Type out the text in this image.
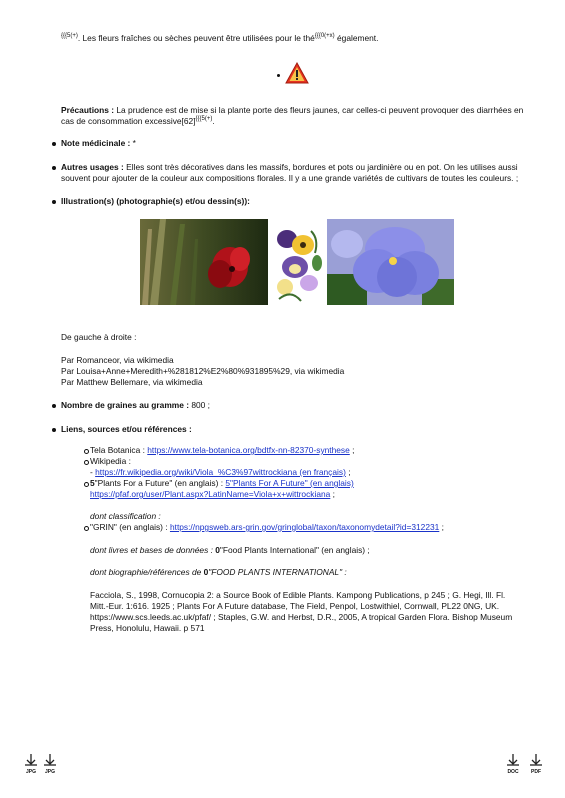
$^{\{\{\{5(+)}$. Les fleurs fraîches ou sèches peuvent être utilisées pour le thé$^{\{\{\{0(+x)}$ également.
Précautions : La prudence est de mise si la plante porte des fleurs jaunes, car celles-ci peuvent provoquer des diarrhées en
cas de consommation $excessive[62]^{\{\{\{5(+)}$.
Note médicinale : *
Autres usages : Elles sont très décoratives dans les massifs, bordures et pots ou jardinière ou en pot. On les utilises aussi
souvent pour ajouter de la couleur aux compositions florales. Il y a une grande variétés de cultivars de toutes les couleurs. ;
Illustration(s) (photographie(s) et/ou dessin(s)):
De gauche à droite :
Par Romanceor, via wikimedia
Par Louisa+Anne+Meredith+%281812%E2%80%931895%29, via wikimedia
Par Matthew Bellemare, via wikimedia
Nombre de graines au gramme : 800 ;
Liens, sources et/ou références :
Tela Botanica : https://www.tela-botanica.org/bdtfx-nn-82370-synthese ;
Wikipedia :
- https://fr.wikipedia.org/wiki/Viola_%C3%97wittrockiana (en français) ;
5"Plants For a Future" (en anglais) : 5"Plants For A Future" (en anglais)
https://pfaf.org/user/Plant.aspx?LatinName=Viola+x+wittrockiana ;
dont classification :
"GRIN" (en anglais) : https://npgsweb.ars-grin.gov/gringlobal/taxon/taxonomydetail?id=312231 ;
dont livres et bases de données : 0"Food Plants International" (en anglais) ;
dont biographie/références de 0"FOOD PLANTS INTERNATIONAL" :
Facciola, S., 1998, Cornucopia 2: a Source Book of Edible Plants. Kampong Publications, p 245 ; G. Hegi, Ill. Fl.
Mitt.-Eur. 1:616. 1925 ; Plants For A Future database, The Field, Penpol, Lostwithiel, Cornwall, PL22 0NG, UK.
https://www.scs.leeds.ac.uk/pfaf/ ; Staples, G.W. and Herbst, D.R., 2005, A tropical Garden Flora. Bishop Museum
Press, Honolulu, Hawaii. p 571
JPG	JPG	DOC	PDF
